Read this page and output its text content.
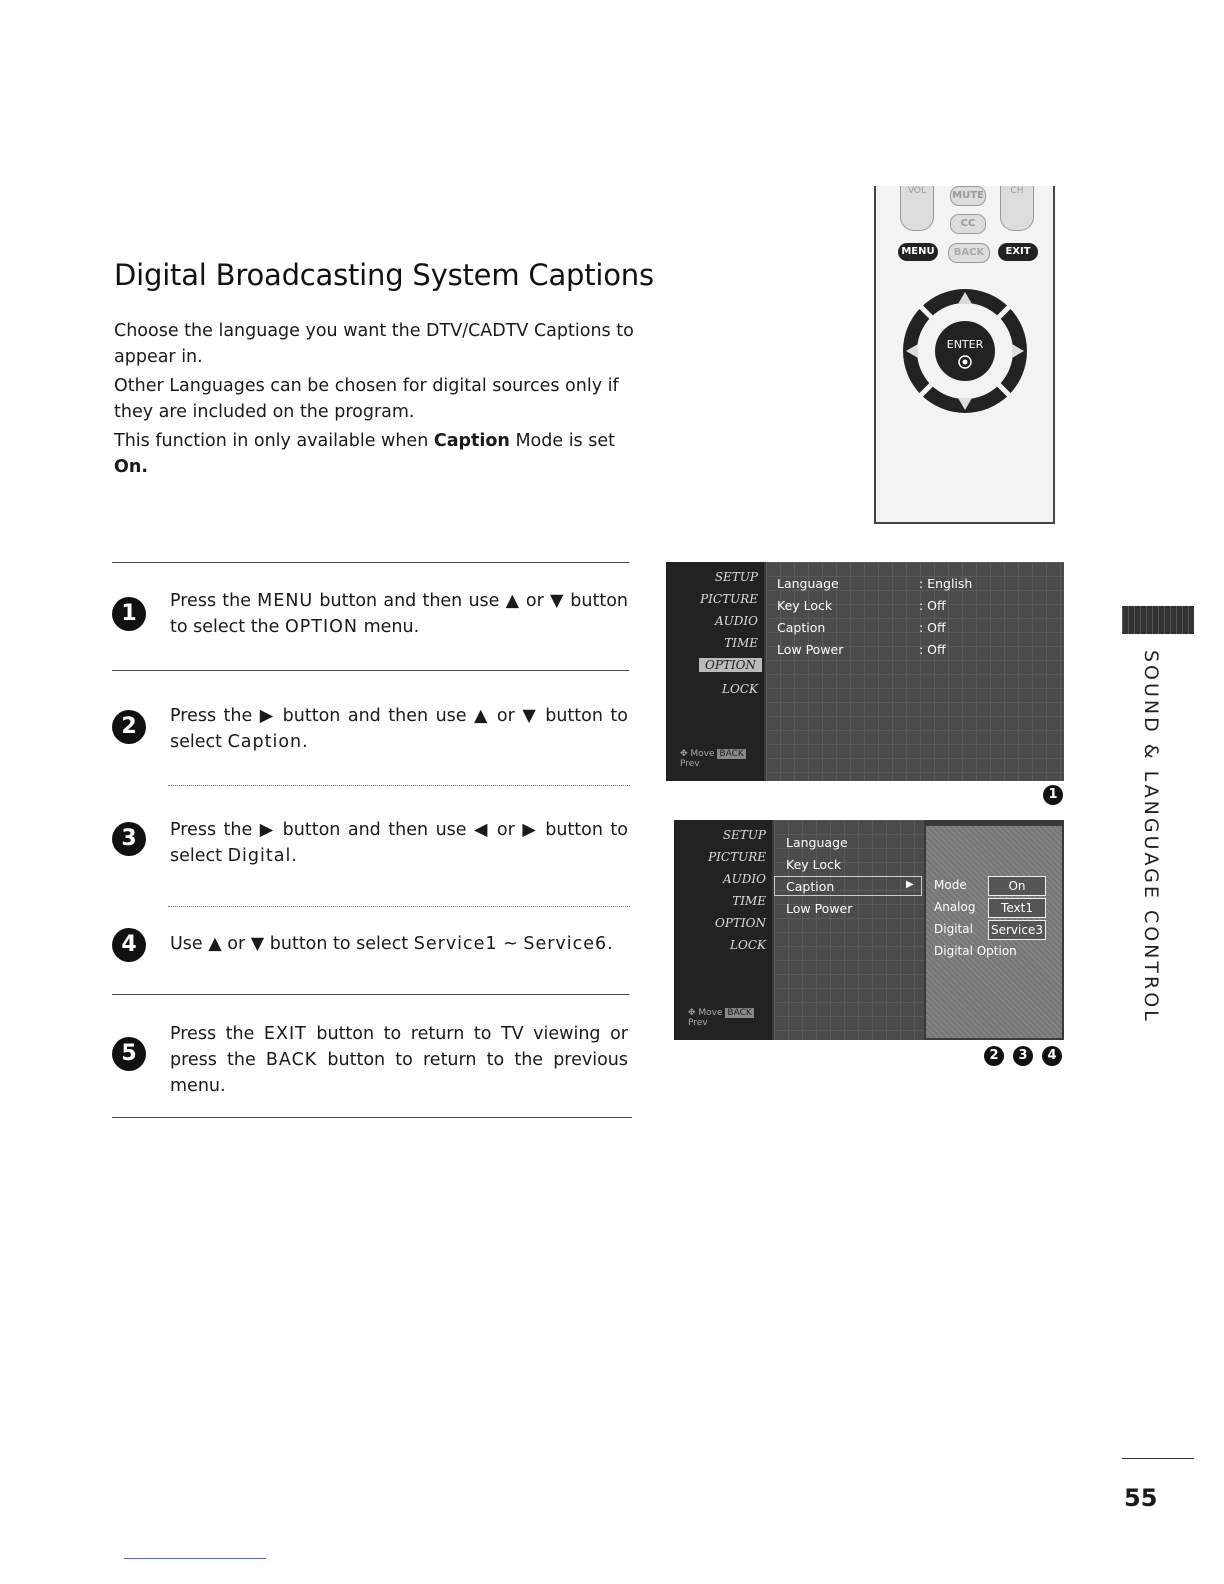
Digital Broadcasting System Captions

Choose the language you want the DTV/CADTV Captions to appear in.

Other Languages can be chosen for digital sources only if they are included on the program.

This function in only available when Caption Mode is set
On.

VOL	MUTE	CH
CC
MENU	BACK	EXIT
ENTER
1	Press the MENU button and then use ▲ or ▼ button to select the OPTION menu.

2	Press the ▶ button and then use ▲ or ▼ button to select Caption.

3	Press the ▶ button and then use ◀ or ▶ button to select Digital.

4	Use ▲ or ▼ button to select Service1 ~ Service6.

5

Press the EXIT button to return to TV viewing or press the BACK button to return to the previous menu.

SETUP
PICTURE
AUDIO
TIME
OPTION
LOCK
✥ Move BACK Prev
Language	: English
Key Lock	: Off
Caption	: Off
Low Power	: Off
1
SETUP
PICTURE
AUDIO
TIME
OPTION
LOCK
✥ Move BACK Prev
Language
Key Lock
Caption	▶
Low Power
Mode	On
Analog	Text1
Digital Service3
Digital Option
2	3	4
SOUND & LANGUAGE CONTROL
55
